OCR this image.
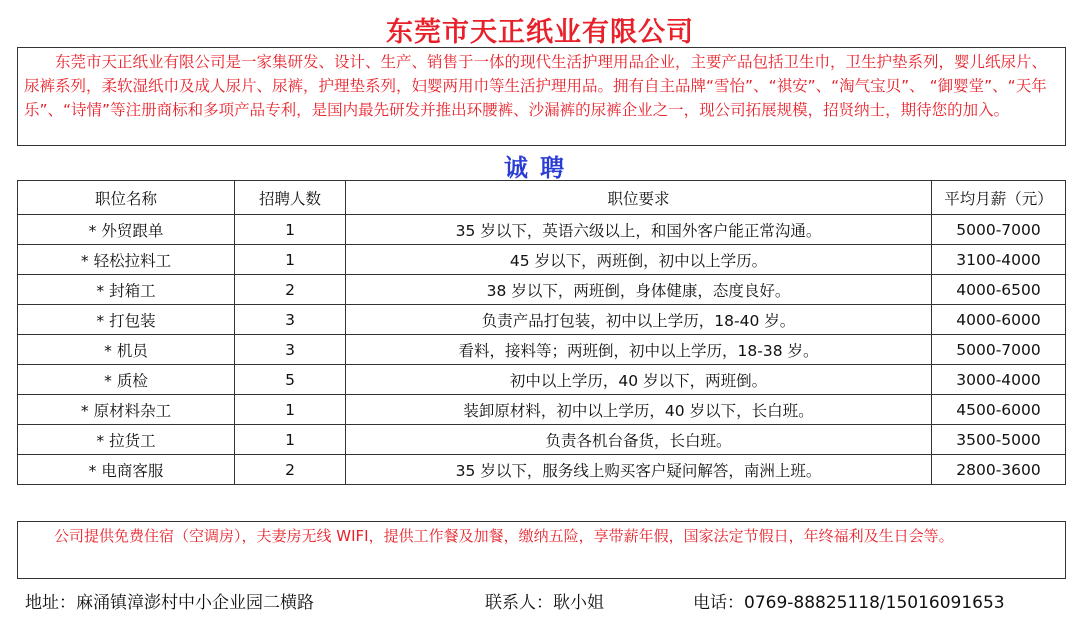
东莞市天正纸业有限公司
东莞市天正纸业有限公司是一家集研发、设计、生产、销售于一体的现代生活护理用品企业，主要产品包括卫生巾，卫生护垫系列，婴儿纸尿片、尿裤系列，柔软湿纸巾及成人尿片、尿裤，护理垫系列，妇婴两用巾等生活护理用品。拥有自主品牌“雪怡”、“祺安”、“淘气宝贝”、 “御婴堂”、“天年乐”、“诗情”等注册商标和多项产品专利，是国内最先研发并推出环腰裤、沙漏裤的尿裤企业之一，现公司拓展规模，招贤纳士，期待您的加入。
诚聘
职位名称	招聘人数	职位要求	平均月薪（元）
* 外贸跟单	1	35 岁以下，英语六级以上，和国外客户能正常沟通。	5000-7000
* 轻松拉料工	1	45 岁以下，两班倒，初中以上学历。	3100-4000
* 封箱工	2	38 岁以下，两班倒，身体健康，态度良好。	4000-6500
* 打包装	3	负责产品打包装，初中以上学历，18-40 岁。	4000-6000
* 机员	3	看料，接料等；两班倒，初中以上学历，18-38 岁。	5000-7000
* 质检	5	初中以上学历，40 岁以下，两班倒。	3000-4000
* 原材料杂工	1	装卸原材料，初中以上学历，40 岁以下，长白班。	4500-6000
* 拉货工	1	负责各机台备货，长白班。	3500-5000
* 电商客服	2	35 岁以下，服务线上购买客户疑问解答，南洲上班。	2800-3600
公司提供免费住宿（空调房），夫妻房无线 WIFI，提供工作餐及加餐，缴纳五险，享带薪年假，国家法定节假日，年终福利及生日会等。
地址：麻涌镇漳澎村中小企业园二横路	联系人：耿小姐	电话：0769-88825118/15016091653
